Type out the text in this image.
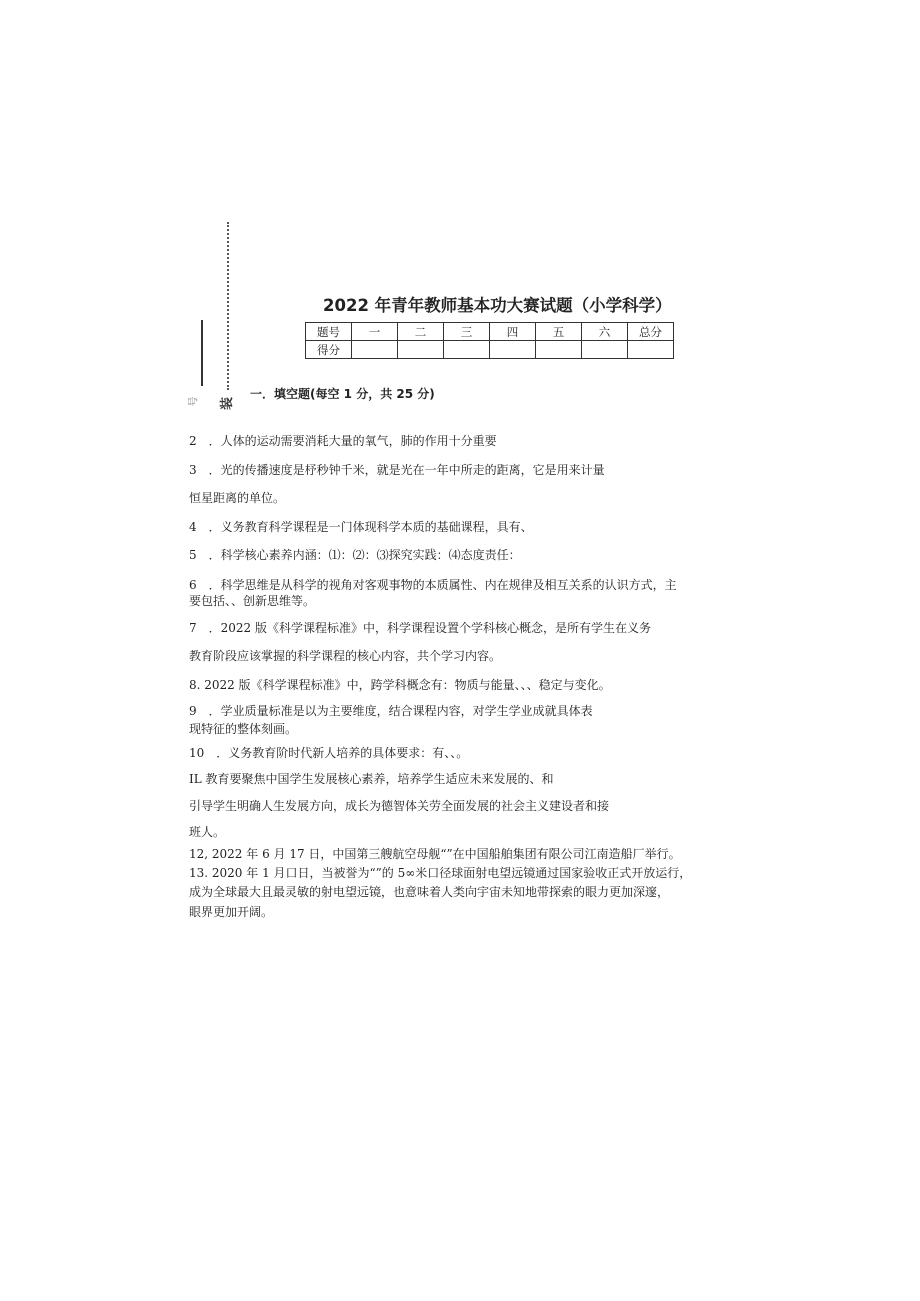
号	装
2022 年青年教师基本功大赛试题（小学科学）
题号	一	二	三	四	五	六	总分
得分							
一．填空题(每空 1 分，共 25 分)
2　．人体的运动需要消耗大量的氧气，肺的作用十分重要
3　．光的传播速度是杼秒钟千米，就是光在一年中所走的距离，它是用来计量
恒星距离的单位。
4　．义务教育科学课程是一门体现科学本质的基础课程，具有、
5　．科学核心素养内涵：⑴：⑵：⑶探究实践：⑷态度责任：
6　．科学思维是从科学的视角对客观事物的本质属性、内在规律及相互关系的认识方式，主
要包括、、创新思维等。
7　．2022 版《科学课程标准》中，科学课程设置个学科核心概念，是所有学生在义务
教育阶段应该掌握的科学课程的核心内容，共个学习内容。
8. 2022 版《科学课程标准》中，跨学科概念有：物质与能量、、、稳定与变化。
9　．学业质量标准是以为主要维度，结合课程内容，对学生学业成就具体表
现特征的整体刻画。
10　．义务教育阶时代新人培养的具体要求：有、、。
IL 教育要聚焦中国学生发展核心素养，培养学生适应未来发展的、和
引导学生明确人生发展方向，成长为德智体关劳全面发展的社会主义建设者和接
班人。
12, 2022 年 6 月 17 日，中国第三艘航空母舰“”在中国船舶集团有限公司江南造船厂举行。
13. 2020 年 1 月口日，当被誉为“”的 5∞米口径球面射电望远镜通过国家验收正式开放运行，
成为全球最大且最灵敏的射电望远镜，也意味着人类向宇宙未知地带探索的眼力更加深邃，
眼界更加开阔。
